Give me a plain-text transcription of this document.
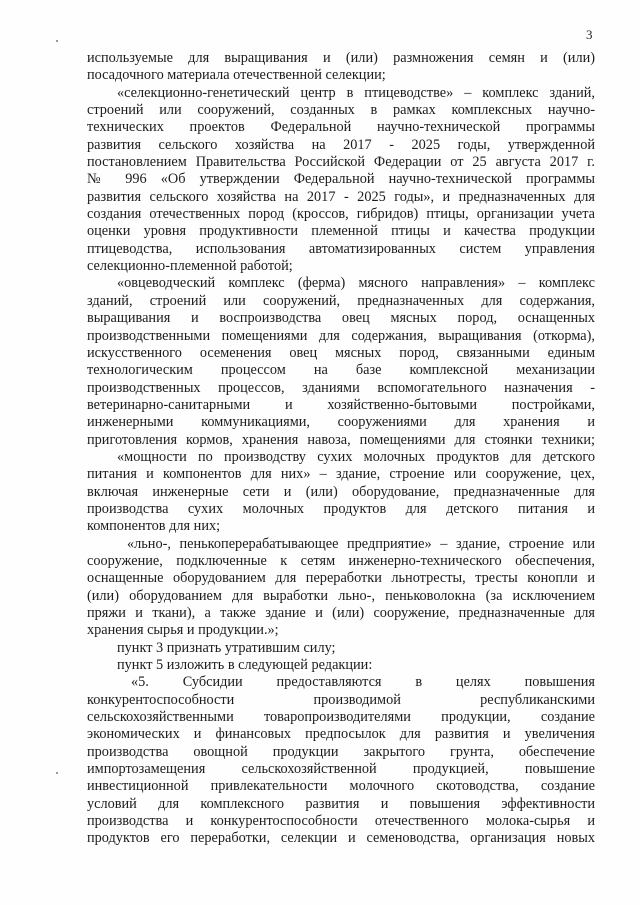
3
используемые для выращивания и (или) размножения семян и (или)
посадочного материала отечественной селекции;
«селекционно-генетический центр в птицеводстве» – комплекс зданий,
строений или сооружений, созданных в рамках комплексных научно-
технических проектов Федеральной научно-технической программы
развития сельского хозяйства на 2017 - 2025 годы, утвержденной
постановлением Правительства Российской Федерации от 25 августа 2017 г.
№ 996 «Об утверждении Федеральной научно-технической программы
развития сельского хозяйства на 2017 - 2025 годы», и предназначенных для
создания отечественных пород (кроссов, гибридов) птицы, организации учета
оценки уровня продуктивности племенной птицы и качества продукции
птицеводства, использования автоматизированных систем управления
селекционно-племенной работой;
«овцеводческий комплекс (ферма) мясного направления» – комплекс
зданий, строений или сооружений, предназначенных для содержания,
выращивания и воспроизводства овец мясных пород, оснащенных
производственными помещениями для содержания, выращивания (откорма),
искусственного осеменения овец мясных пород, связанными единым
технологическим процессом на базе комплексной механизации
производственных процессов, зданиями вспомогательного назначения -
ветеринарно-санитарными и хозяйственно-бытовыми постройками,
инженерными коммуникациями, сооружениями для хранения и
приготовления кормов, хранения навоза, помещениями для стоянки техники;
«мощности по производству сухих молочных продуктов для детского
питания и компонентов для них» – здание, строение или сооружение, цех,
включая инженерные сети и (или) оборудование, предназначенные для
производства сухих молочных продуктов для детского питания и
компонентов для них;
«льно-, пенькоперерабатывающее предприятие» – здание, строение или
сооружение, подключенные к сетям инженерно-технического обеспечения,
оснащенные оборудованием для переработки льнотресты, тресты конопли и
(или) оборудованием для выработки льно-, пеньковолокна (за исключением
пряжи и ткани), а также здание и (или) сооружение, предназначенные для
хранения сырья и продукции.»;
пункт 3 признать утратившим силу;
пункт 5 изложить в следующей редакции:
«5. Субсидии предоставляются в целях повышения
конкурентоспособности производимой республиканскими
сельскохозяйственными товаропроизводителями продукции, создание
экономических и финансовых предпосылок для развития и увеличения
производства овощной продукции закрытого грунта, обеспечение
импортозамещения сельскохозяйственной продукцией, повышение
инвестиционной привлекательности молочного скотоводства, создание
условий для комплексного развития и повышения эффективности
производства и конкурентоспособности отечественного молока-сырья и
продуктов его переработки, селекции и семеноводства, организация новых
